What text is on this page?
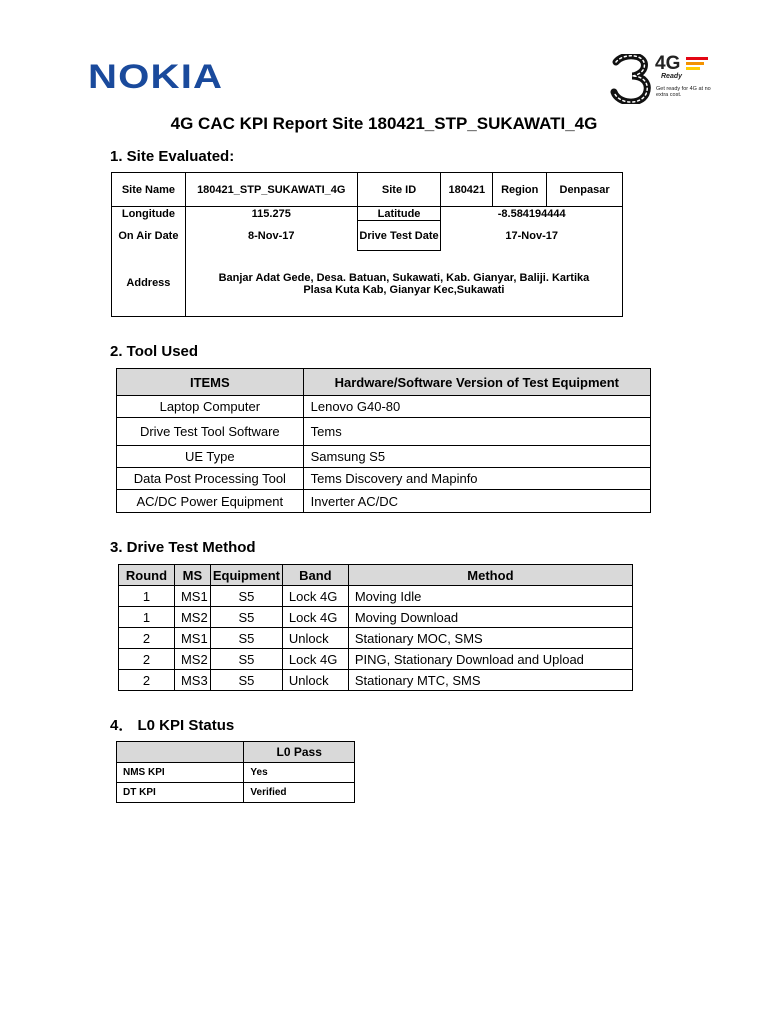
NOKIA	4G
Ready
Get ready for 4G at no extra cost.
4G CAC KPI Report Site 180421_STP_SUKAWATI_4G
1. Site Evaluated:
Site Name	180421_STP_SUKAWATI_4G	Site ID	180421	Region	Denpasar
Longitude	115.275	Latitude	-8.584194444		
On Air Date	8-Nov-17	Drive Test Date	17-Nov-17		
Address	Banjar Adat Gede, Desa. Batuan, Sukawati, Kab. Gianyar, Baliji. Kartika Plasa Kuta Kab, Gianyar Kec,Sukawati				
2. Tool Used
ITEMS	Hardware/Software Version of Test Equipment
Laptop Computer	Lenovo G40-80
Drive Test Tool Software	Tems
UE Type	Samsung S5
Data Post Processing Tool	Tems Discovery and Mapinfo
AC/DC Power Equipment	Inverter AC/DC
3. Drive Test Method
Round	MS	Equipment	Band	Method
1	MS1	S5	Lock 4G	Moving Idle
1	MS2	S5	Lock 4G	Moving Download
2	MS1	S5	Unlock	Stationary MOC, SMS
2	MS2	S5	Lock 4G	PING, Stationary Download and Upload
2	MS3	S5	Unlock	Stationary MTC, SMS
4． L0 KPI Status
	L0 Pass
NMS KPI	Yes
DT KPI	Verified
